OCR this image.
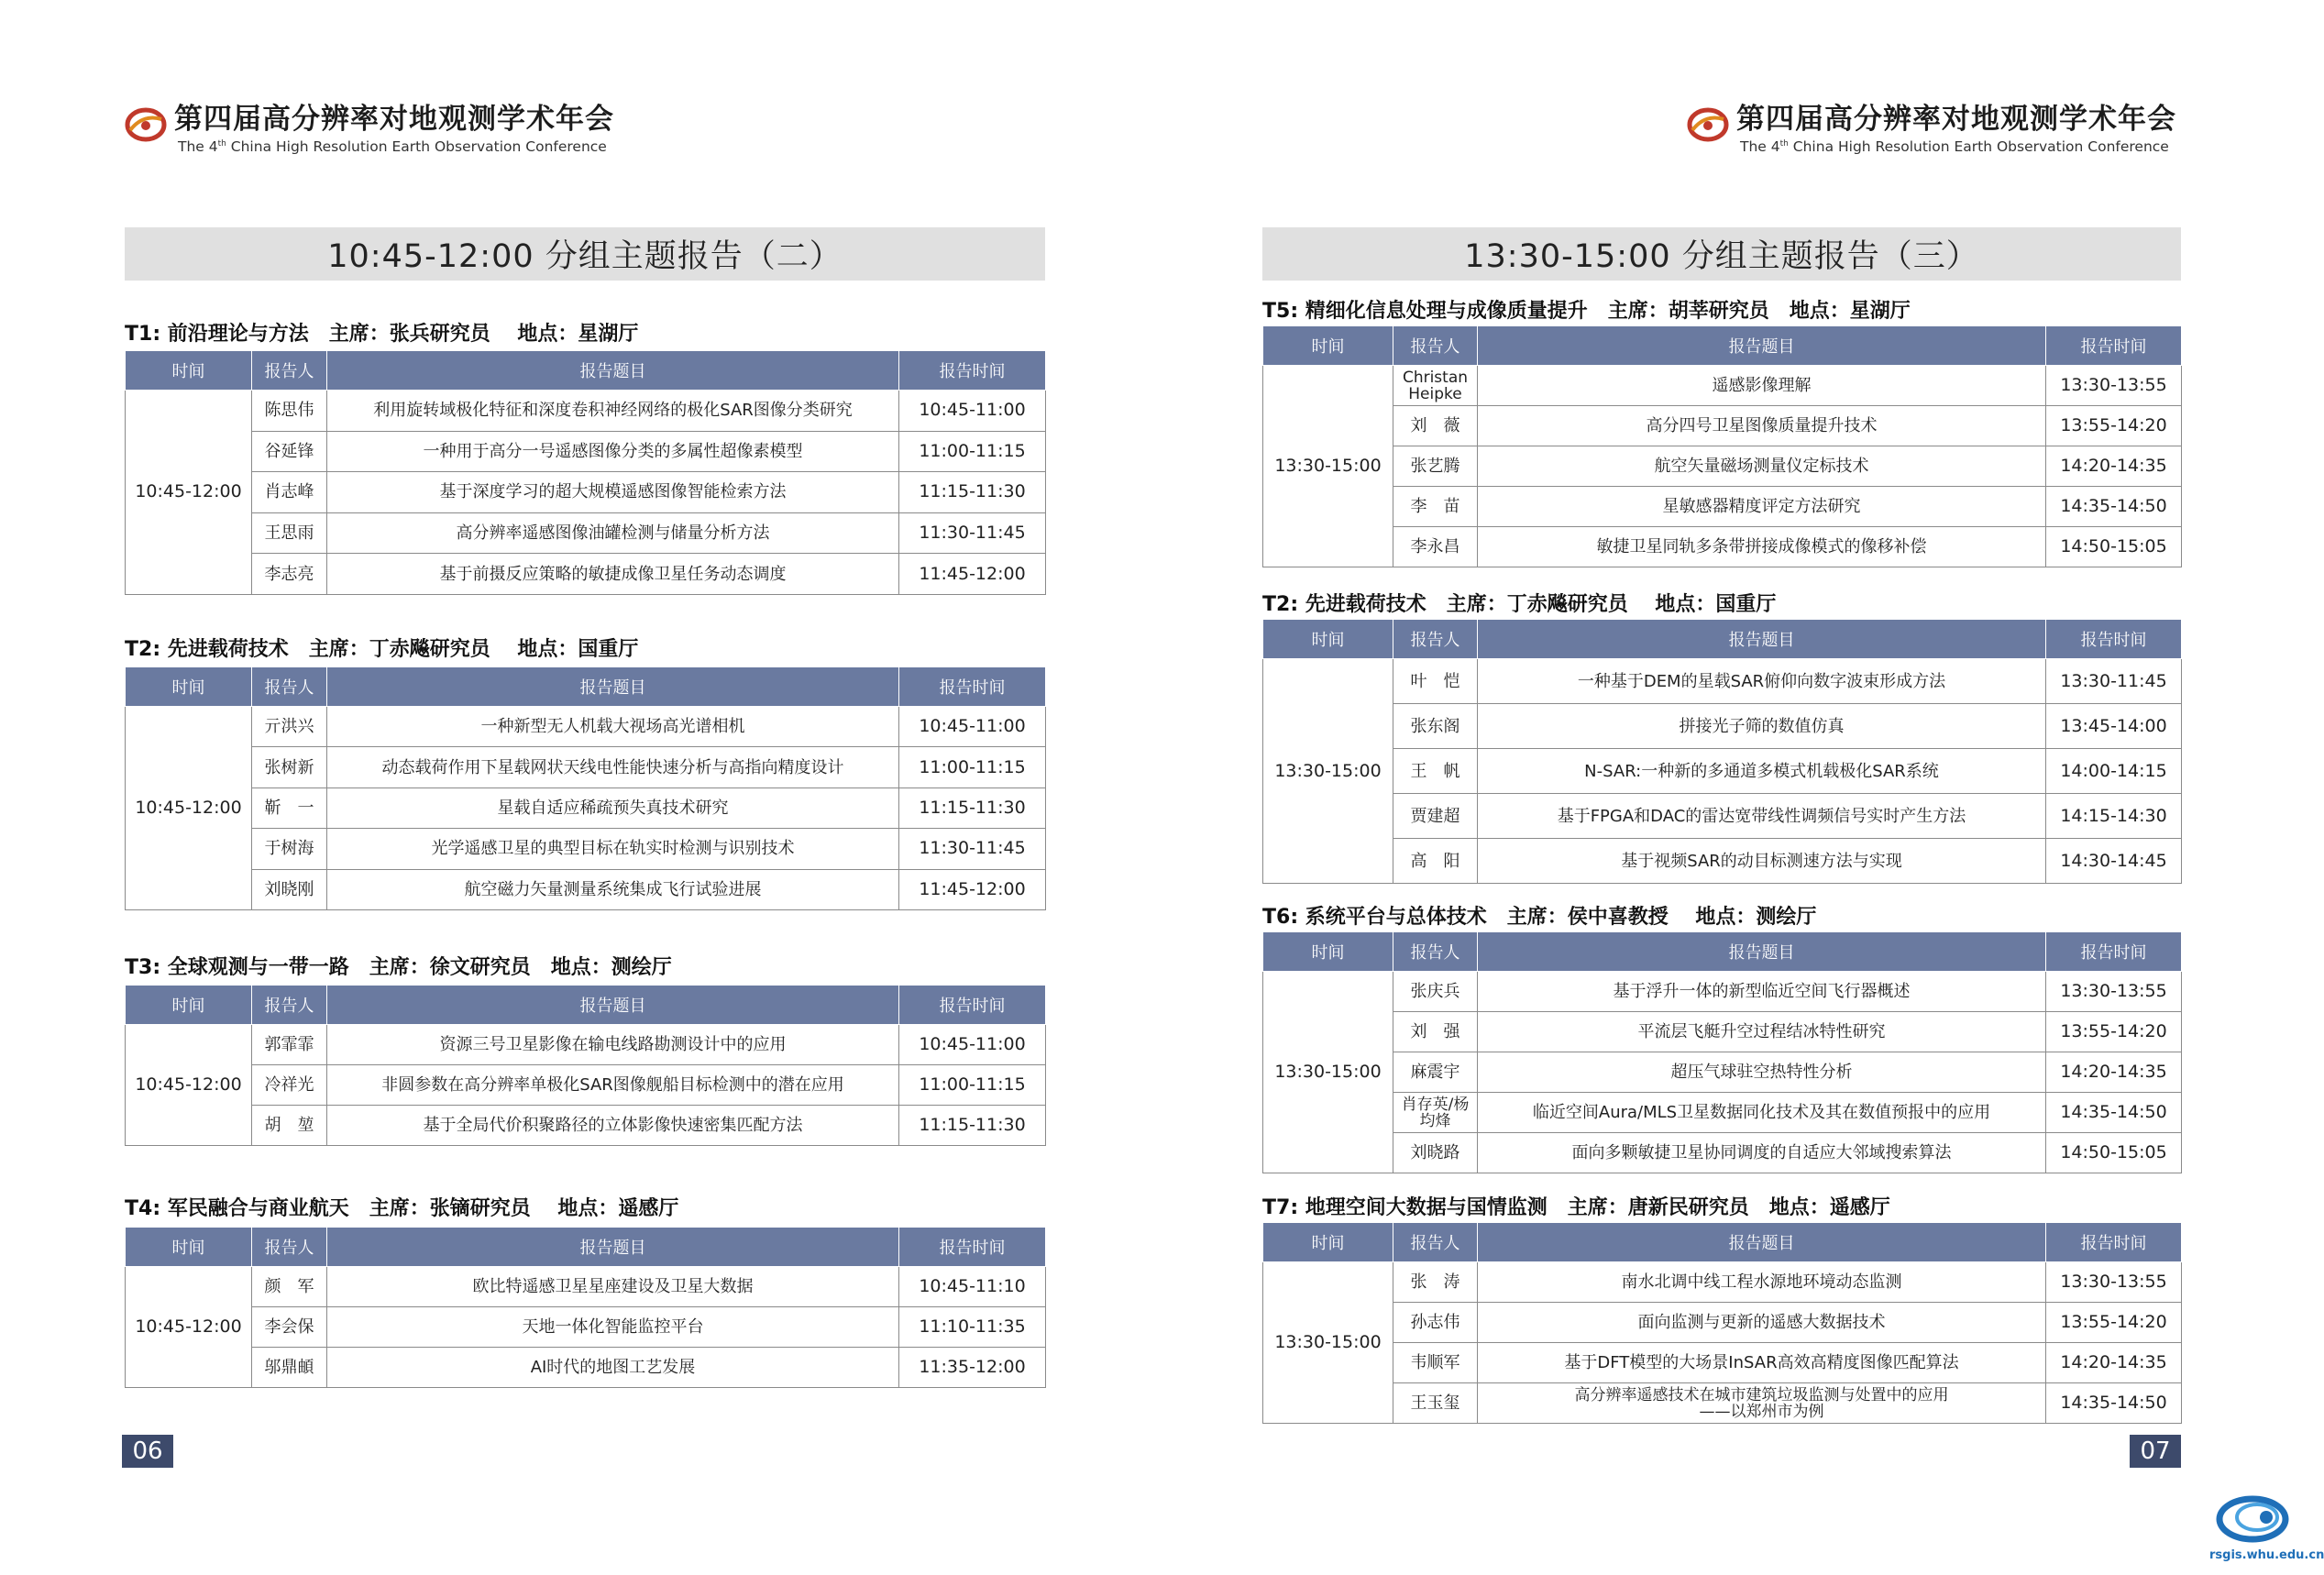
第四届高分辨率对地观测学术年会
The 4th China High Resolution Earth Observation Conference
10:45-12:00 分组主题报告（二）
T1: 前沿理论与方法　主席：张兵研究员　 地点：星湖厅
时间	报告人	报告题目	报告时间
10:45-12:00	陈思伟	利用旋转域极化特征和深度卷积神经网络的极化SAR图像分类研究	10:45-11:00
	谷延锋	一种用于高分一号遥感图像分类的多属性超像素模型	11:00-11:15
	肖志峰	基于深度学习的超大规模遥感图像智能检索方法	11:15-11:30
	王思雨	高分辨率遥感图像油罐检测与储量分析方法	11:30-11:45
	李志亮	基于前摄反应策略的敏捷成像卫星任务动态调度	11:45-12:00
T2: 先进载荷技术　主席：丁赤飚研究员　 地点：国重厅
时间	报告人	报告题目	报告时间
10:45-12:00	亓洪兴	一种新型无人机载大视场高光谱相机	10:45-11:00
	张树新	动态载荷作用下星载网状天线电性能快速分析与高指向精度设计	11:00-11:15
	靳　一	星载自适应稀疏预失真技术研究	11:15-11:30
	于树海	光学遥感卫星的典型目标在轨实时检测与识别技术	11:30-11:45
	刘晓刚	航空磁力矢量测量系统集成飞行试验进展	11:45-12:00
T3: 全球观测与一带一路　主席：徐文研究员　地点：测绘厅
时间	报告人	报告题目	报告时间
10:45-12:00	郭霏霏	资源三号卫星影像在输电线路勘测设计中的应用	10:45-11:00
	冷祥光	非圆参数在高分辨率单极化SAR图像舰船目标检测中的潜在应用	11:00-11:15
	胡　堃	基于全局代价积聚路径的立体影像快速密集匹配方法	11:15-11:30
T4: 军民融合与商业航天　主席：张镝研究员　 地点：遥感厅
时间	报告人	报告题目	报告时间
10:45-12:00	颜　军	欧比特遥感卫星星座建设及卫星大数据	10:45-11:10
	李会保	天地一体化智能监控平台	11:10-11:35
	邬鼎頔	AI时代的地图工艺发展	11:35-12:00
06
第四届高分辨率对地观测学术年会
The 4th China High Resolution Earth Observation Conference
13:30-15:00 分组主题报告（三）
T5: 精细化信息处理与成像质量提升　主席：胡莘研究员　地点：星湖厅
时间	报告人	报告题目	报告时间
13:30-15:00	Christan Heipke	遥感影像理解	13:30-13:55
	刘　薇	高分四号卫星图像质量提升技术	13:55-14:20
	张艺腾	航空矢量磁场测量仪定标技术	14:20-14:35
	李　苗	星敏感器精度评定方法研究	14:35-14:50
	李永昌	敏捷卫星同轨多条带拼接成像模式的像移补偿	14:50-15:05
T2: 先进载荷技术　主席：丁赤飚研究员　 地点：国重厅
时间	报告人	报告题目	报告时间
13:30-15:00	叶　恺	一种基于DEM的星载SAR俯仰向数字波束形成方法	13:30-11:45
	张东阁	拼接光子筛的数值仿真	13:45-14:00
	王　帆	N-SAR:一种新的多通道多模式机载极化SAR系统	14:00-14:15
	贾建超	基于FPGA和DAC的雷达宽带线性调频信号实时产生方法	14:15-14:30
	高　阳	基于视频SAR的动目标测速方法与实现	14:30-14:45
T6: 系统平台与总体技术　主席：侯中喜教授　 地点：测绘厅
时间	报告人	报告题目	报告时间
13:30-15:00	张庆兵	基于浮升一体的新型临近空间飞行器概述	13:30-13:55
	刘　强	平流层飞艇升空过程结冰特性研究	13:55-14:20
	麻震宇	超压气球驻空热特性分析	14:20-14:35
	肖存英/杨均烽	临近空间Aura/MLS卫星数据同化技术及其在数值预报中的应用	14:35-14:50
	刘晓路	面向多颗敏捷卫星协同调度的自适应大邻域搜索算法	14:50-15:05
T7: 地理空间大数据与国情监测　主席：唐新民研究员　地点：遥感厅
时间	报告人	报告题目	报告时间
13:30-15:00	张　涛	南水北调中线工程水源地环境动态监测	13:30-13:55
	孙志伟	面向监测与更新的遥感大数据技术	13:55-14:20
	韦顺军	基于DFT模型的大场景InSAR高效高精度图像匹配算法	14:20-14:35
	王玉玺	高分辨率遥感技术在城市建筑垃圾监测与处置中的应用
——以郑州市为例	14:35-14:50
07
rsgis.whu.edu.cn
